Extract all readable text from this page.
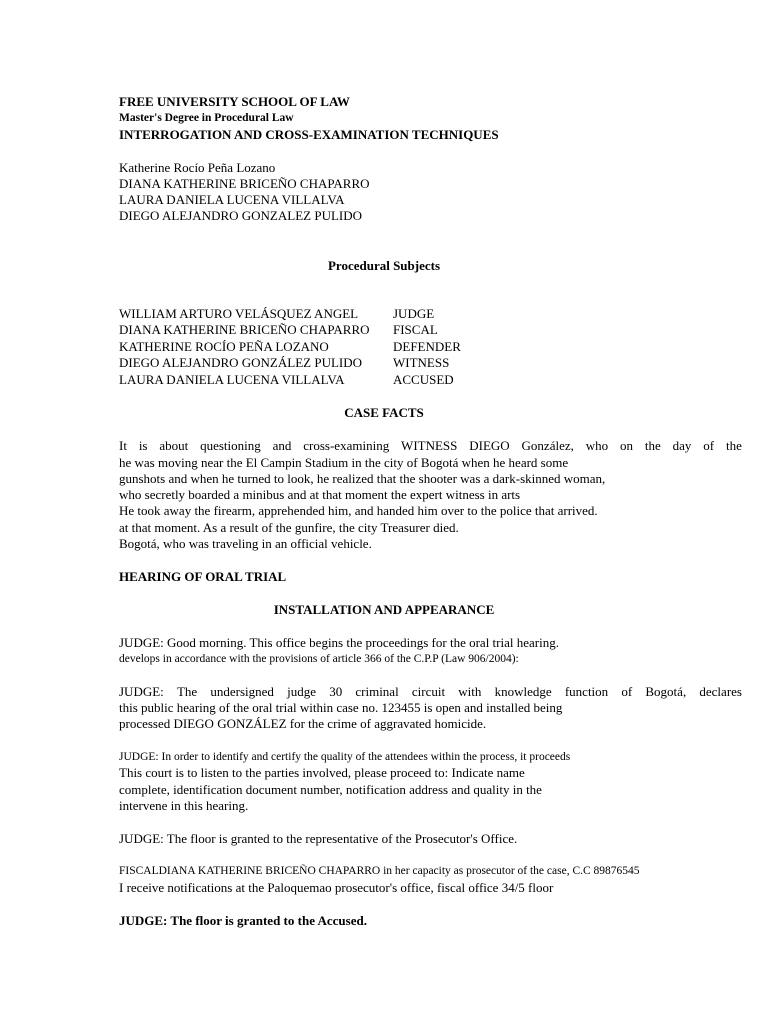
FREE UNIVERSITY SCHOOL OF LAW
Master's Degree in Procedural Law
INTERROGATION AND CROSS-EXAMINATION TECHNIQUES
Katherine Rocío Peña Lozano
DIANA KATHERINE BRICEÑO CHAPARRO
LAURA DANIELA LUCENA VILLALVA
DIEGO ALEJANDRO GONZALEZ PULIDO
Procedural Subjects
WILLIAM ARTURO VELÁSQUEZ ANGEL	JUDGE
DIANA KATHERINE BRICEÑO CHAPARRO FISCAL
KATHERINE ROCÍO PEÑA LOZANO	DEFENDER
DIEGO ALEJANDRO GONZÁLEZ PULIDO WITNESS
LAURA DANIELA LUCENA VILLALVA	ACCUSED
CASE FACTS
It is about questioning and cross-examining WITNESS DIEGO González, who on the day of the
he was moving near the El Campin Stadium in the city of Bogotá when he heard some
gunshots and when he turned to look, he realized that the shooter was a dark-skinned woman,
who secretly boarded a minibus and at that moment the expert witness in arts
He took away the firearm, apprehended him, and handed him over to the police that arrived.
at that moment. As a result of the gunfire, the city Treasurer died.
Bogotá, who was traveling in an official vehicle.
HEARING OF ORAL TRIAL
INSTALLATION AND APPEARANCE
JUDGE: Good morning. This office begins the proceedings for the oral trial hearing.
develops in accordance with the provisions of article 366 of the C.P.P (Law 906/2004):
JUDGE: The undersigned judge 30 criminal circuit with knowledge function of Bogotá, declares
this public hearing of the oral trial within case no. 123455 is open and installed being
processed DIEGO GONZÁLEZ for the crime of aggravated homicide.
JUDGE: In order to identify and certify the quality of the attendees within the process, it proceeds
This court is to listen to the parties involved, please proceed to: Indicate name
complete, identification document number, notification address and quality in the
intervene in this hearing.
JUDGE: The floor is granted to the representative of the Prosecutor's Office.
FISCALDIANA KATHERINE BRICEÑO CHAPARRO in her capacity as prosecutor of the case, C.C 89876545
I receive notifications at the Paloquemao prosecutor's office, fiscal office 34/5 floor
JUDGE: The floor is granted to the Accused.
